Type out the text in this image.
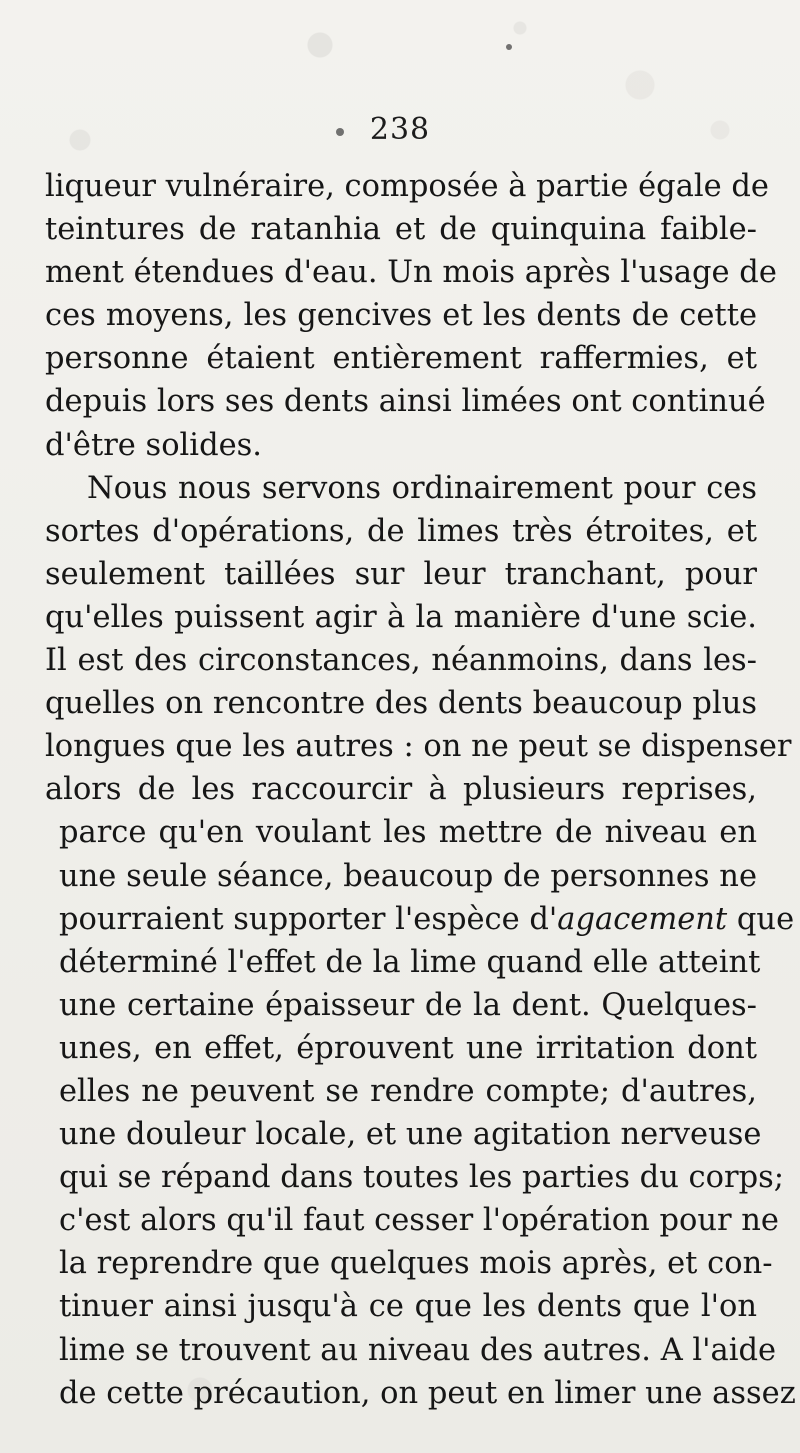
238
liqueur vulnéraire, composée à partie égale de
teintures de ratanhia et de quinquina faible-
ment étendues d'eau. Un mois après l'usage de
ces moyens, les gencives et les dents de cette
personne étaient entièrement raffermies, et
depuis lors ses dents ainsi limées ont continué
d'être solides.
Nous nous servons ordinairement pour ces
sortes d'opérations, de limes très étroites, et
seulement taillées sur leur tranchant, pour
qu'elles puissent agir à la manière d'une scie.
Il est des circonstances, néanmoins, dans les-
quelles on rencontre des dents beaucoup plus
longues que les autres : on ne peut se dispenser
alors de les raccourcir à plusieurs reprises,
parce qu'en voulant les mettre de niveau en
une seule séance, beaucoup de personnes ne
pourraient supporter l'espèce d'agacement que
déterminé l'effet de la lime quand elle atteint
une certaine épaisseur de la dent. Quelques-
unes, en effet, éprouvent une irritation dont
elles ne peuvent se rendre compte; d'autres,
une douleur locale, et une agitation nerveuse
qui se répand dans toutes les parties du corps;
c'est alors qu'il faut cesser l'opération pour ne
la reprendre que quelques mois après, et con-
tinuer ainsi jusqu'à ce que les dents que l'on
lime se trouvent au niveau des autres. A l'aide
de cette précaution, on peut en limer une assez
